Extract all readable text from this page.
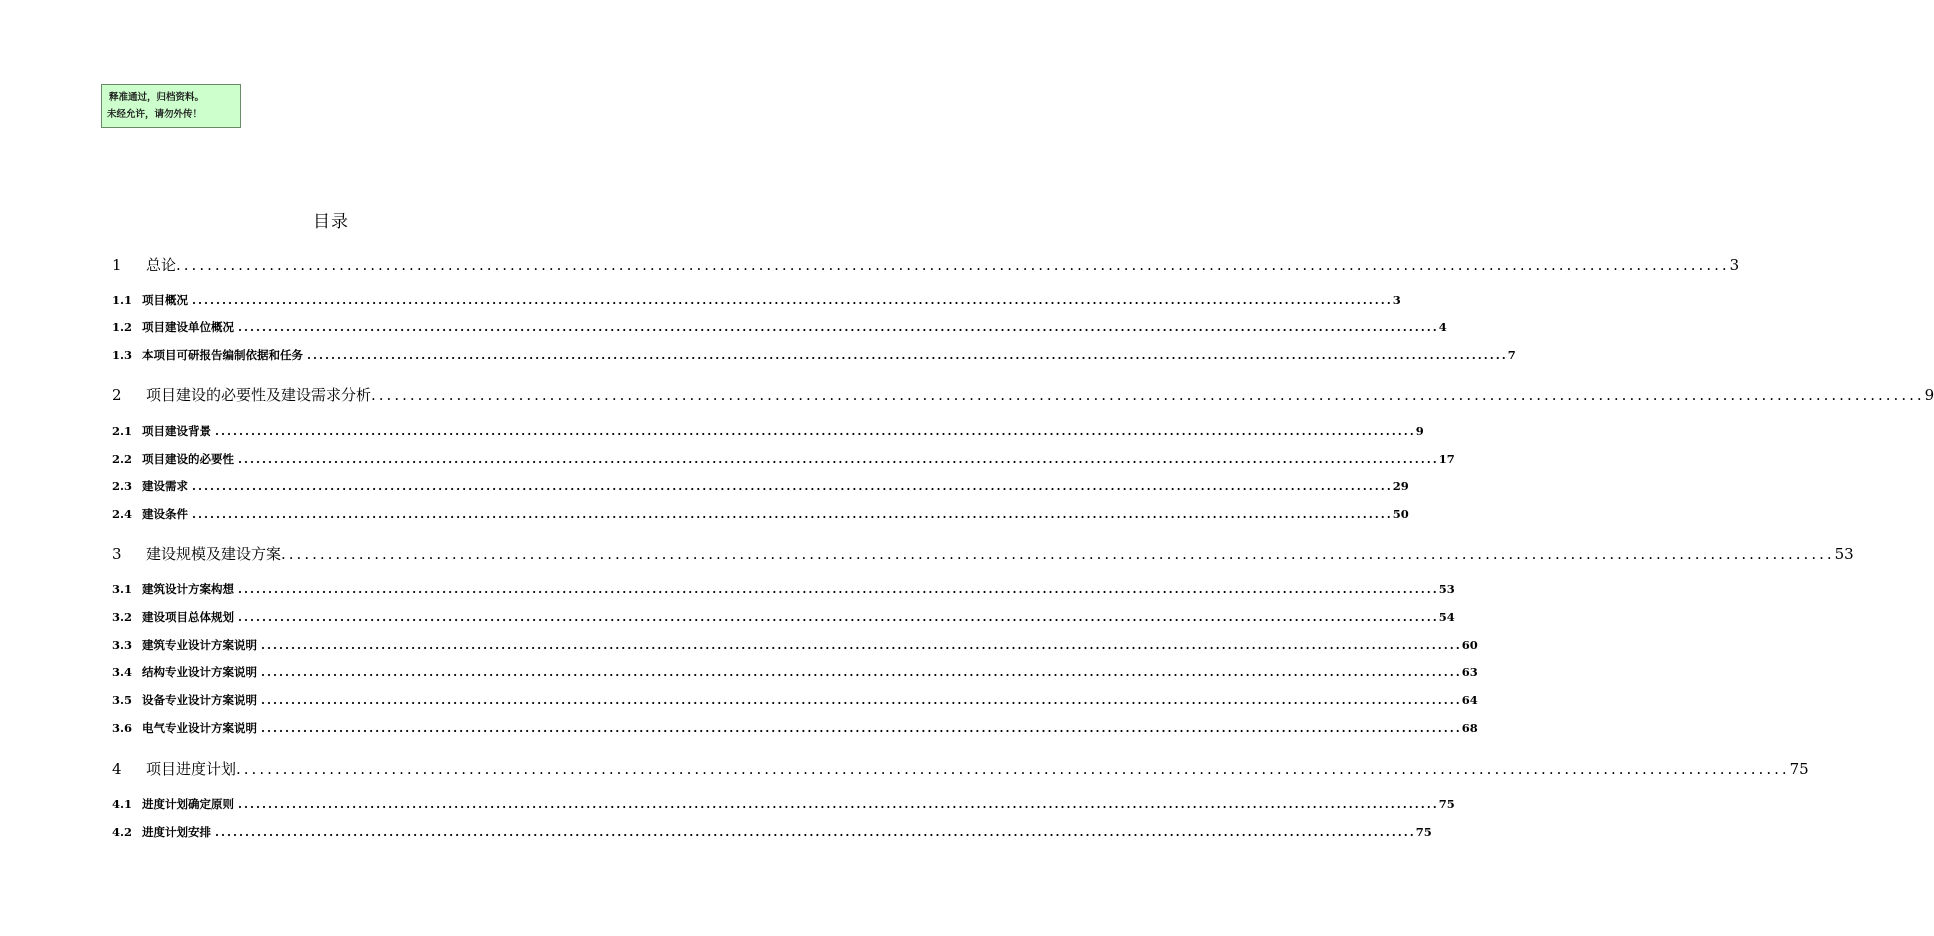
释准通过，归档资料。
未经允许，请勿外传！
目录
1	总论 ........................................................................................................................................................................................................ 3
1.1 项目概况 ........................................................................................................................................................................................................ 3
1.2 项目建设单位概况 ........................................................................................................................................................................................................ 4
1.3 本项目可研报告编制依据和任务 ........................................................................................................................................................................................................ 7
2	项目建设的必要性及建设需求分析 ........................................................................................................................................................................................................ 9
2.1 项目建设背景 ........................................................................................................................................................................................................ 9
2.2 项目建设的必要性 ........................................................................................................................................................................................................ 17
2.3 建设需求 ........................................................................................................................................................................................................ 29
2.4 建设条件 ........................................................................................................................................................................................................ 50
3	建设规模及建设方案 ........................................................................................................................................................................................................ 53
3.1 建筑设计方案构想 ........................................................................................................................................................................................................ 53
3.2 建设项目总体规划 ........................................................................................................................................................................................................ 54
3.3 建筑专业设计方案说明 ........................................................................................................................................................................................................ 60
3.4 结构专业设计方案说明 ........................................................................................................................................................................................................ 63
3.5 设备专业设计方案说明 ........................................................................................................................................................................................................ 64
3.6 电气专业设计方案说明 ........................................................................................................................................................................................................ 68
4	项目进度计划 ........................................................................................................................................................................................................ 75
4.1 进度计划确定原则 ........................................................................................................................................................................................................ 75
4.2 进度计划安排 ........................................................................................................................................................................................................ 75
